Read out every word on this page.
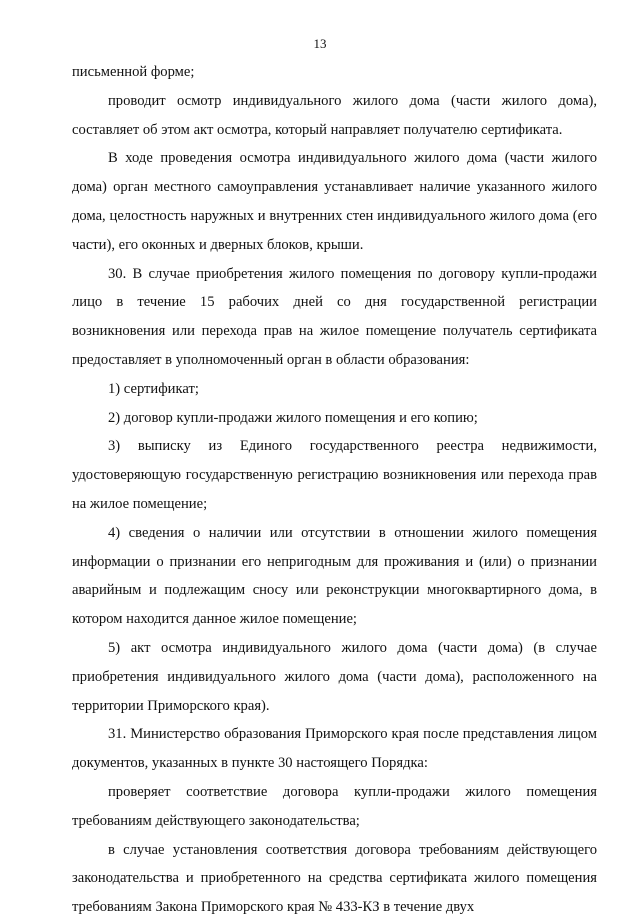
13

письменной форме;

проводит осмотр индивидуального жилого дома (части жилого дома), составляет об этом акт осмотра, который направляет получателю сертификата.

В ходе проведения осмотра индивидуального жилого дома (части жилого дома) орган местного самоуправления устанавливает наличие указанного жилого дома, целостность наружных и внутренних стен индивидуального жилого дома (его части), его оконных и дверных блоков, крыши.

30. В случае приобретения жилого помещения по договору купли-продажи лицо в течение 15 рабочих дней со дня государственной регистрации возникновения или перехода прав на жилое помещение получатель сертификата предоставляет в уполномоченный орган в области образования:

1) сертификат;

2) договор купли-продажи жилого помещения и его копию;

3) выписку из Единого государственного реестра недвижимости, удостоверяющую государственную регистрацию возникновения или перехода прав на жилое помещение;

4) сведения о наличии или отсутствии в отношении жилого помещения информации о признании его непригодным для проживания и (или) о признании аварийным и подлежащим сносу или реконструкции многоквартирного дома, в котором находится данное жилое помещение;

5) акт осмотра индивидуального жилого дома (части дома) (в случае приобретения индивидуального жилого дома (части дома), расположенного на территории Приморского края).

31. Министерство образования Приморского края после представления лицом документов, указанных в пункте 30 настоящего Порядка:

проверяет соответствие договора купли-продажи жилого помещения требованиям действующего законодательства;

в случае установления соответствия договора требованиям действующего законодательства и приобретенного на средства сертификата жилого помещения требованиям Закона Приморского края № 433-КЗ в течение двух
